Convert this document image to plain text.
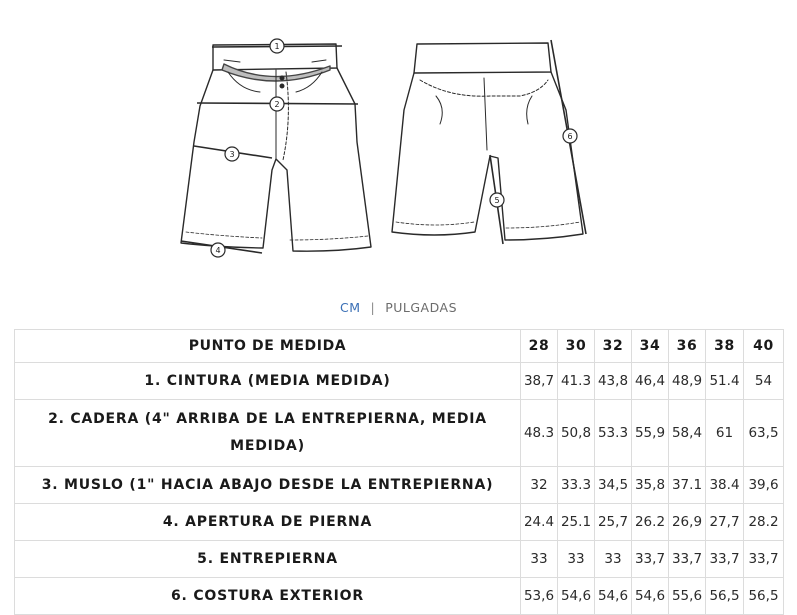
1
2
3
4
5
6
CM | PULGADAS
PUNTO DE MEDIDA	28	30	32	34	36	38	40
1. CINTURA (MEDIA MEDIDA)	38,7	41.3	43,8	46,4	48,9	51.4	54
2. CADERA (4" ARRIBA DE LA ENTREPIERNA, MEDIA MEDIDA)	48.3	50,8	53.3	55,9	58,4	61	63,5
3. MUSLO (1" HACIA ABAJO DESDE LA ENTREPIERNA)	32	33.3	34,5	35,8	37.1	38.4	39,6
4. APERTURA DE PIERNA	24.4	25.1	25,7	26.2	26,9	27,7	28.2
5. ENTREPIERNA	33	33	33	33,7	33,7	33,7	33,7
6. COSTURA EXTERIOR	53,6	54,6	54,6	54,6	55,6	56,5	56,5
